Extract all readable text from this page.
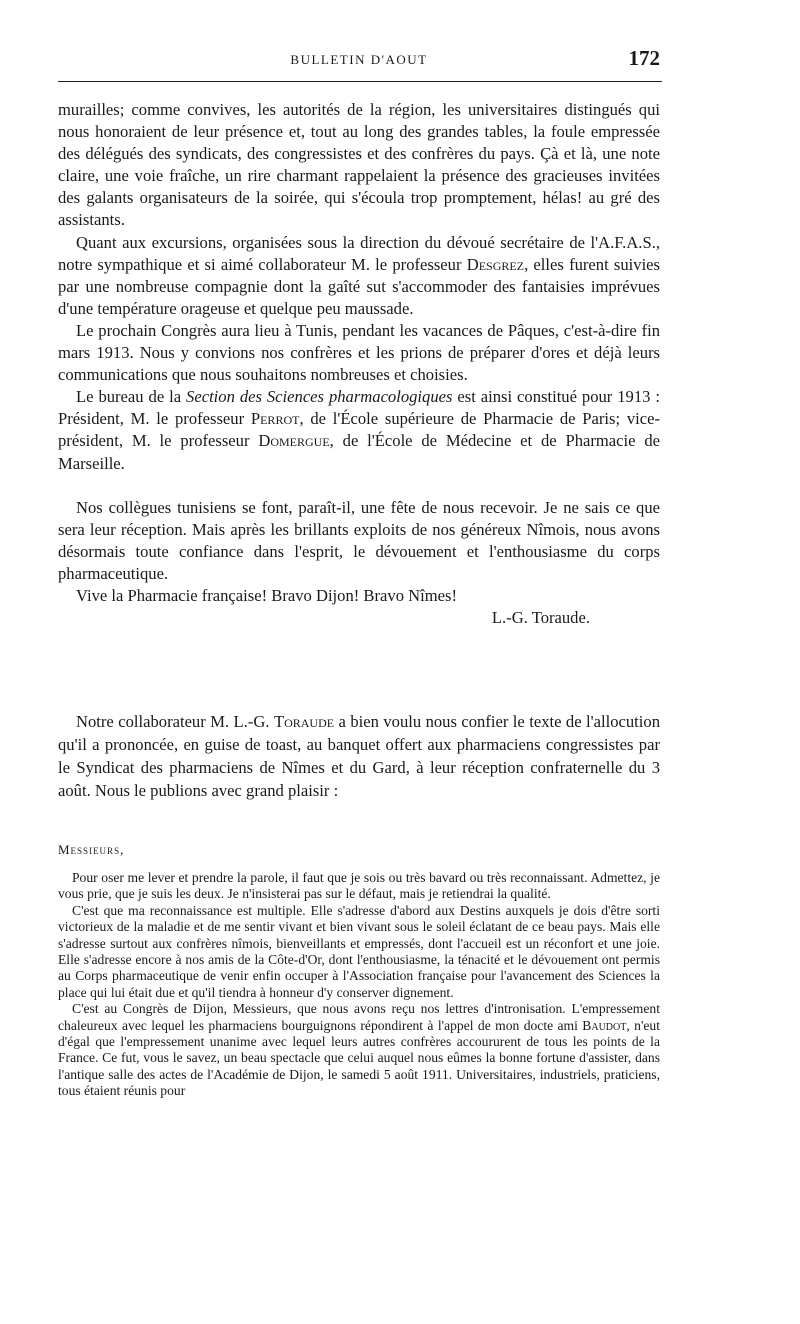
BULLETIN D'AOUT	172

murailles; comme convives, les autorités de la région, les universitaires distingués qui nous honoraient de leur présence et, tout au long des grandes tables, la foule empressée des délégués des syndicats, des congressistes et des confrères du pays. Çà et là, une note claire, une voie fraîche, un rire charmant rappelaient la présence des gracieuses invitées des galants organisateurs de la soirée, qui s'écoula trop promptement, hélas! au gré des assistants.

Quant aux excursions, organisées sous la direction du dévoué secrétaire de l'A.F.A.S., notre sympathique et si aimé collaborateur M. le professeur Desgrez, elles furent suivies par une nombreuse compagnie dont la gaîté sut s'accommoder des fantaisies imprévues d'une température orageuse et quelque peu maussade.

Le prochain Congrès aura lieu à Tunis, pendant les vacances de Pâques, c'est-à-dire fin mars 1913. Nous y convions nos confrères et les prions de préparer d'ores et déjà leurs communications que nous souhaitons nombreuses et choisies.

Le bureau de la Section des Sciences pharmacologiques est ainsi constitué pour 1913 : Président, M. le professeur Perrot, de l'École supérieure de Pharmacie de Paris; vice-président, M. le professeur Domergue, de l'École de Médecine et de Pharmacie de Marseille.

Nos collègues tunisiens se font, paraît-il, une fête de nous recevoir. Je ne sais ce que sera leur réception. Mais après les brillants exploits de nos généreux Nîmois, nous avons désormais toute confiance dans l'esprit, le dévouement et l'enthousiasme du corps pharmaceutique.

Vive la Pharmacie française! Bravo Dijon! Bravo Nîmes!

L.-G. Toraude.

Notre collaborateur M. L.-G. Toraude a bien voulu nous confier le texte de l'allocution qu'il a prononcée, en guise de toast, au banquet offert aux pharmaciens congressistes par le Syndicat des pharmaciens de Nîmes et du Gard, à leur réception confraternelle du 3 août. Nous le publions avec grand plaisir :

Messieurs,

Pour oser me lever et prendre la parole, il faut que je sois ou très bavard ou très reconnaissant. Admettez, je vous prie, que je suis les deux. Je n'insisterai pas sur le défaut, mais je retiendrai la qualité.

C'est que ma reconnaissance est multiple. Elle s'adresse d'abord aux Destins auxquels je dois d'être sorti victorieux de la maladie et de me sentir vivant et bien vivant sous le soleil éclatant de ce beau pays. Mais elle s'adresse surtout aux confrères nîmois, bienveillants et empressés, dont l'accueil est un réconfort et une joie. Elle s'adresse encore à nos amis de la Côte-d'Or, dont l'enthousiasme, la ténacité et le dévouement ont permis au Corps pharmaceutique de venir enfin occuper à l'Association française pour l'avancement des Sciences la place qui lui était due et qu'il tiendra à honneur d'y conserver dignement.

C'est au Congrès de Dijon, Messieurs, que nous avons reçu nos lettres d'intronisation. L'empressement chaleureux avec lequel les pharmaciens bourguignons répondirent à l'appel de mon docte ami Baudot, n'eut d'égal que l'empressement unanime avec lequel leurs autres confrères accoururent de tous les points de la France. Ce fut, vous le savez, un beau spectacle que celui auquel nous eûmes la bonne fortune d'assister, dans l'antique salle des actes de l'Académie de Dijon, le samedi 5 août 1911. Universitaires, industriels, praticiens, tous étaient réunis pour
